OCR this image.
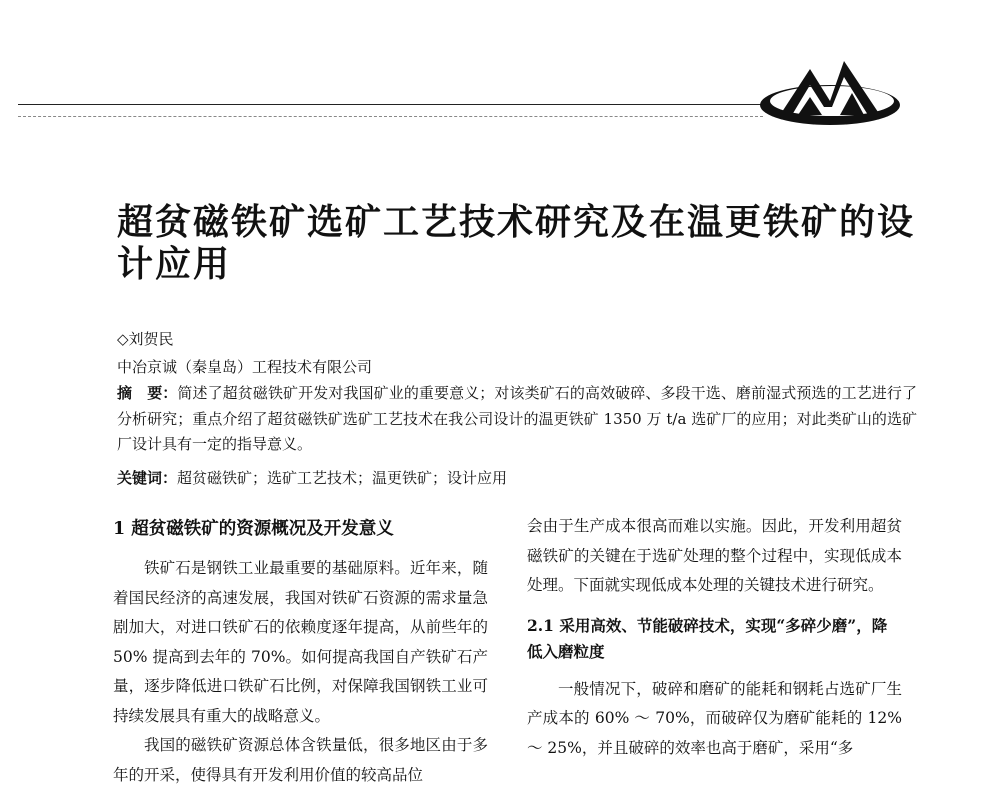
超贫磁铁矿选矿工艺技术研究及在温更铁矿的设计应用
◇刘贺民
中冶京诚（秦皇岛）工程技术有限公司

摘　要：简述了超贫磁铁矿开发对我国矿业的重要意义；对该类矿石的高效破碎、多段干选、磨前湿式预选的工艺进行了分析研究；重点介绍了超贫磁铁矿选矿工艺技术在我公司设计的温更铁矿 1350 万 t/a 选矿厂的应用；对此类矿山的选矿厂设计具有一定的指导意义。

关键词：超贫磁铁矿；选矿工艺技术；温更铁矿；设计应用
1 超贫磁铁矿的资源概况及开发意义

铁矿石是钢铁工业最重要的基础原料。近年来，随着国民经济的高速发展，我国对铁矿石资源的需求量急剧加大，对进口铁矿石的依赖度逐年提高，从前些年的 50% 提高到去年的 70%。如何提高我国自产铁矿石产量，逐步降低进口铁矿石比例，对保障我国钢铁工业可持续发展具有重大的战略意义。

我国的磁铁矿资源总体含铁量低，很多地区由于多年的开采，使得具有开发利用价值的较高品位

会由于生产成本很高而难以实施。因此，开发利用超贫磁铁矿的关键在于选矿处理的整个过程中，实现低成本处理。下面就实现低成本处理的关键技术进行研究。

2.1 采用高效、节能破碎技术，实现“多碎少磨”，降低入磨粒度

一般情况下，破碎和磨矿的能耗和钢耗占选矿厂生产成本的 60% ～ 70%，而破碎仅为磨矿能耗的 12% ～ 25%，并且破碎的效率也高于磨矿，采用“多
